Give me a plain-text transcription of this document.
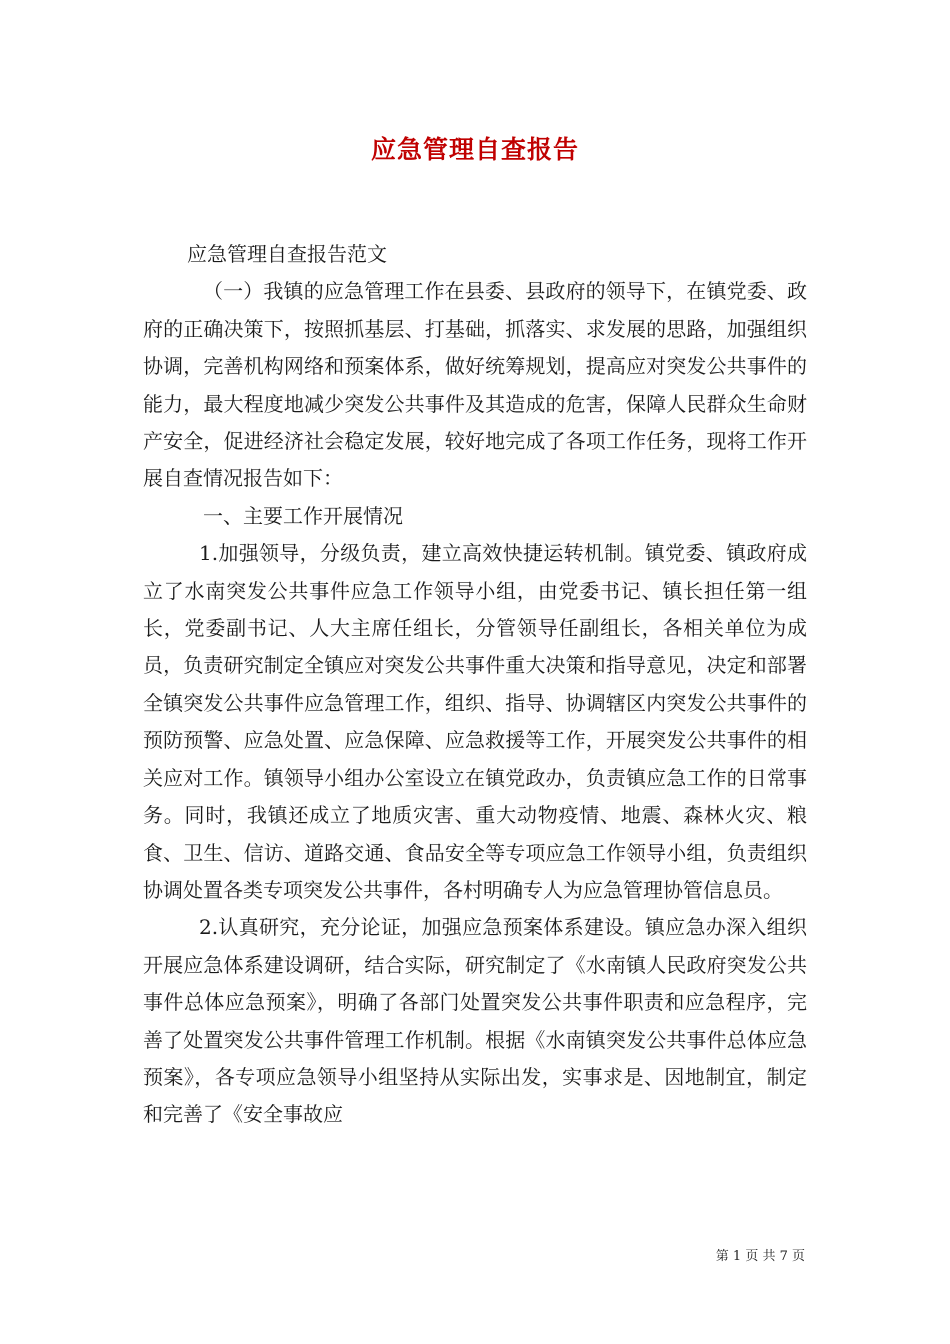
应急管理自查报告

应急管理自查报告范文

（一）我镇的应急管理工作在县委、县政府的领导下，在镇党委、政府的正确决策下，按照抓基层、打基础，抓落实、求发展的思路，加强组织协调，完善机构网络和预案体系，做好统筹规划，提高应对突发公共事件的能力，最大程度地减少突发公共事件及其造成的危害，保障人民群众生命财产安全，促进经济社会稳定发展，较好地完成了各项工作任务，现将工作开展自查情况报告如下：

一、主要工作开展情况

1.加强领导，分级负责，建立高效快捷运转机制。镇党委、镇政府成立了水南突发公共事件应急工作领导小组，由党委书记、镇长担任第一组长，党委副书记、人大主席任组长，分管领导任副组长，各相关单位为成员，负责研究制定全镇应对突发公共事件重大决策和指导意见，决定和部署全镇突发公共事件应急管理工作，组织、指导、协调辖区内突发公共事件的预防预警、应急处置、应急保障、应急救援等工作，开展突发公共事件的相关应对工作。镇领导小组办公室设立在镇党政办，负责镇应急工作的日常事务。同时，我镇还成立了地质灾害、重大动物疫情、地震、森林火灾、粮食、卫生、信访、道路交通、食品安全等专项应急工作领导小组，负责组织协调处置各类专项突发公共事件，各村明确专人为应急管理协管信息员。

2.认真研究，充分论证，加强应急预案体系建设。镇应急办深入组织开展应急体系建设调研，结合实际，研究制定了《水南镇人民政府突发公共事件总体应急预案》，明确了各部门处置突发公共事件职责和应急程序，完善了处置突发公共事件管理工作机制。根据《水南镇突发公共事件总体应急预案》，各专项应急领导小组坚持从实际出发，实事求是、因地制宜，制定和完善了《安全事故应

第 1 页 共 7 页
